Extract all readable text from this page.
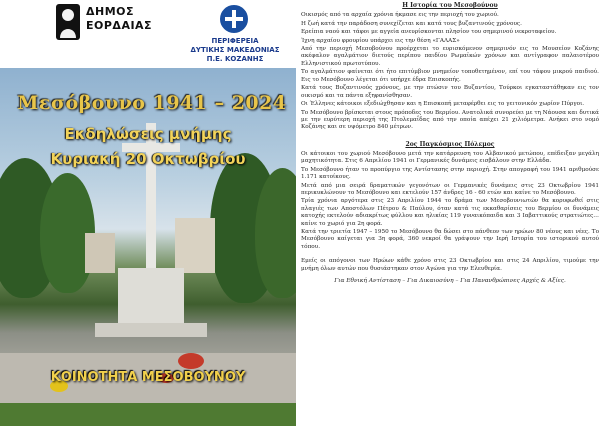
ΔΗΜΟΣ
ΕΟΡΔΑΙΑΣ
ΠΕΡΙΦΕΡΕΙΑ
ΔΥΤΙΚΗΣ ΜΑΚΕΔΟΝΙΑΣ
Π.Ε. ΚΟΖΑΝΗΣ
Μεσόβουνο 1941 – 2024
Εκδηλώσεις μνήμης
Κυριακή 20 Οκτωβρίου
ΚΟΙΝΟΤΗΤΑ ΜΕΣΟΒΟΥΝΟΥ
Η Ιστορία του Μεσοβούνου

Οικισμός από τα αρχαία χρόνια ήκμασε εις την περιοχή του χωριού.

Η ζωή κατά την παράδοση συνεχίζεται και κατά τους βυζαντινούς χρόνους.

Ερείπια ναού και τάφοι με αγγεία ανευρίσκονται πλησίον του σημερινού νεκροταφείου.

Ίχνη αρχαίου φρουρίου υπάρχει εις την θέση «ΓΑΛΑΣ»

Από την περιοχή Μεσοβούνου προέρχεται το ευρισκόμενον σημερινόν εις το Μουσείον Κοζάνης ακέφαλον αγαλμάτιον διετούς περίπου παιδίου Ρωμαϊκών χρόνων και αντίγραφον παλαιοτέρου Ελληνιστικού πρωτοτύπου.

Το αγαλμάτιον φαίνεται ότι ήτο επιτύμβιον μνημείον τοποθετημένον, επί του τάφου μικρού παιδιού. Εις το Μεσόβουνο λέγεται ότι υπήρχε έδρα Επισκοπής.

Κατά τους Βυζαντινούς χρόνους, με την πτώσιν του Βυζαντίου, Τούρκοι εγκαταστάθηκαν εις τον οικισμό και τα πάντα εξηφανίσθησαν.

Οι Έλληνες κάτοικοι εξεδιώχθησαν και η Επισκοπή μεταφέρθει εις το γειτονικόν χωρίον Πύργοι.

Το Μεσόβουνο βρίσκεται στους πρόποδες του Βερμίου. Ανατολικά συνορεύει με τη Νάουσα και δυτικά με την ευρύτερη περιοχή της Πτολεμαΐδας από την οποία απέχει 21 χιλιόμετρα. Ανήκει στο νομό Κοζάνης και σε υψόμετρο 840 μέτρων.

2ος Παγκόσμιος Πόλεμος

Οι κάτοικοι του χωριού Μεσόβουνο μετά την κατάρρευση του Αλβανικού μετώπου, επέδειξαν μεγάλη μαχητικότητα. Στις 6 Απριλίου 1941 οι Γερμανικές δυνάμεις εισβάλουν στην Ελλάδα.

Το Μεσόβουνο ήταν το προπύργιο της Αντίστασης στην περιοχή. Στην απογραφή του 1941 αριθμούσε 1.171 κατοίκους.

Μετά από μια σειρά δραματικών γεγονότων οι Γερμανικές δυνάμεις στις 23 Οκτωβρίου 1941 περικυκλώνουν το Μεσόβουνο και εκτελούν 157 άνδρες 16 - 60 ετών και καίνε το Μεσόβουνο.

Τρία χρόνια αργότερα στις 23 Απριλίου 1944 το δράμα των Μεσοβουνιωτών θα κορυφωθεί στις πλαγιές των Αποστόλων Πέτρου & Παύλου, όταν κατά τις εκκαθαρίσεις του Βερμίου οι δυνάμεις κατοχής εκτελούν αδιακρίτως φύλλου και ηλικίας 119 γυναικόπαιδα και 3 Ιαβαττικούς στρατιώτες… καίνε το χωριό για 2η φορά.

Κατά την τριετία 1947 – 1950 το Μεσόβουνο θα δώσει στο πάνθεον των ηρώων 80 νέους και νέες. Το Μεσόβουνο καίγεται για 3η φορά, 360 νεκροί θα γράψουν την Ιερή Ιστορία του ιστορικού αυτού τόπου.

Εμείς οι απόγονοι των Ηρώων κάθε χρόνο στις 23 Οκτωβρίου και στις 24 Απριλίου, τιμούμε την μνήμη όλων αυτών που θυσιάστηκαν στον Αγώνα για την Ελευθερία.

Για Εθνική Αντίσταση – Για Δικαιοσύνη – Για Πανανθρώπινες Αρχές & Αξίες.
